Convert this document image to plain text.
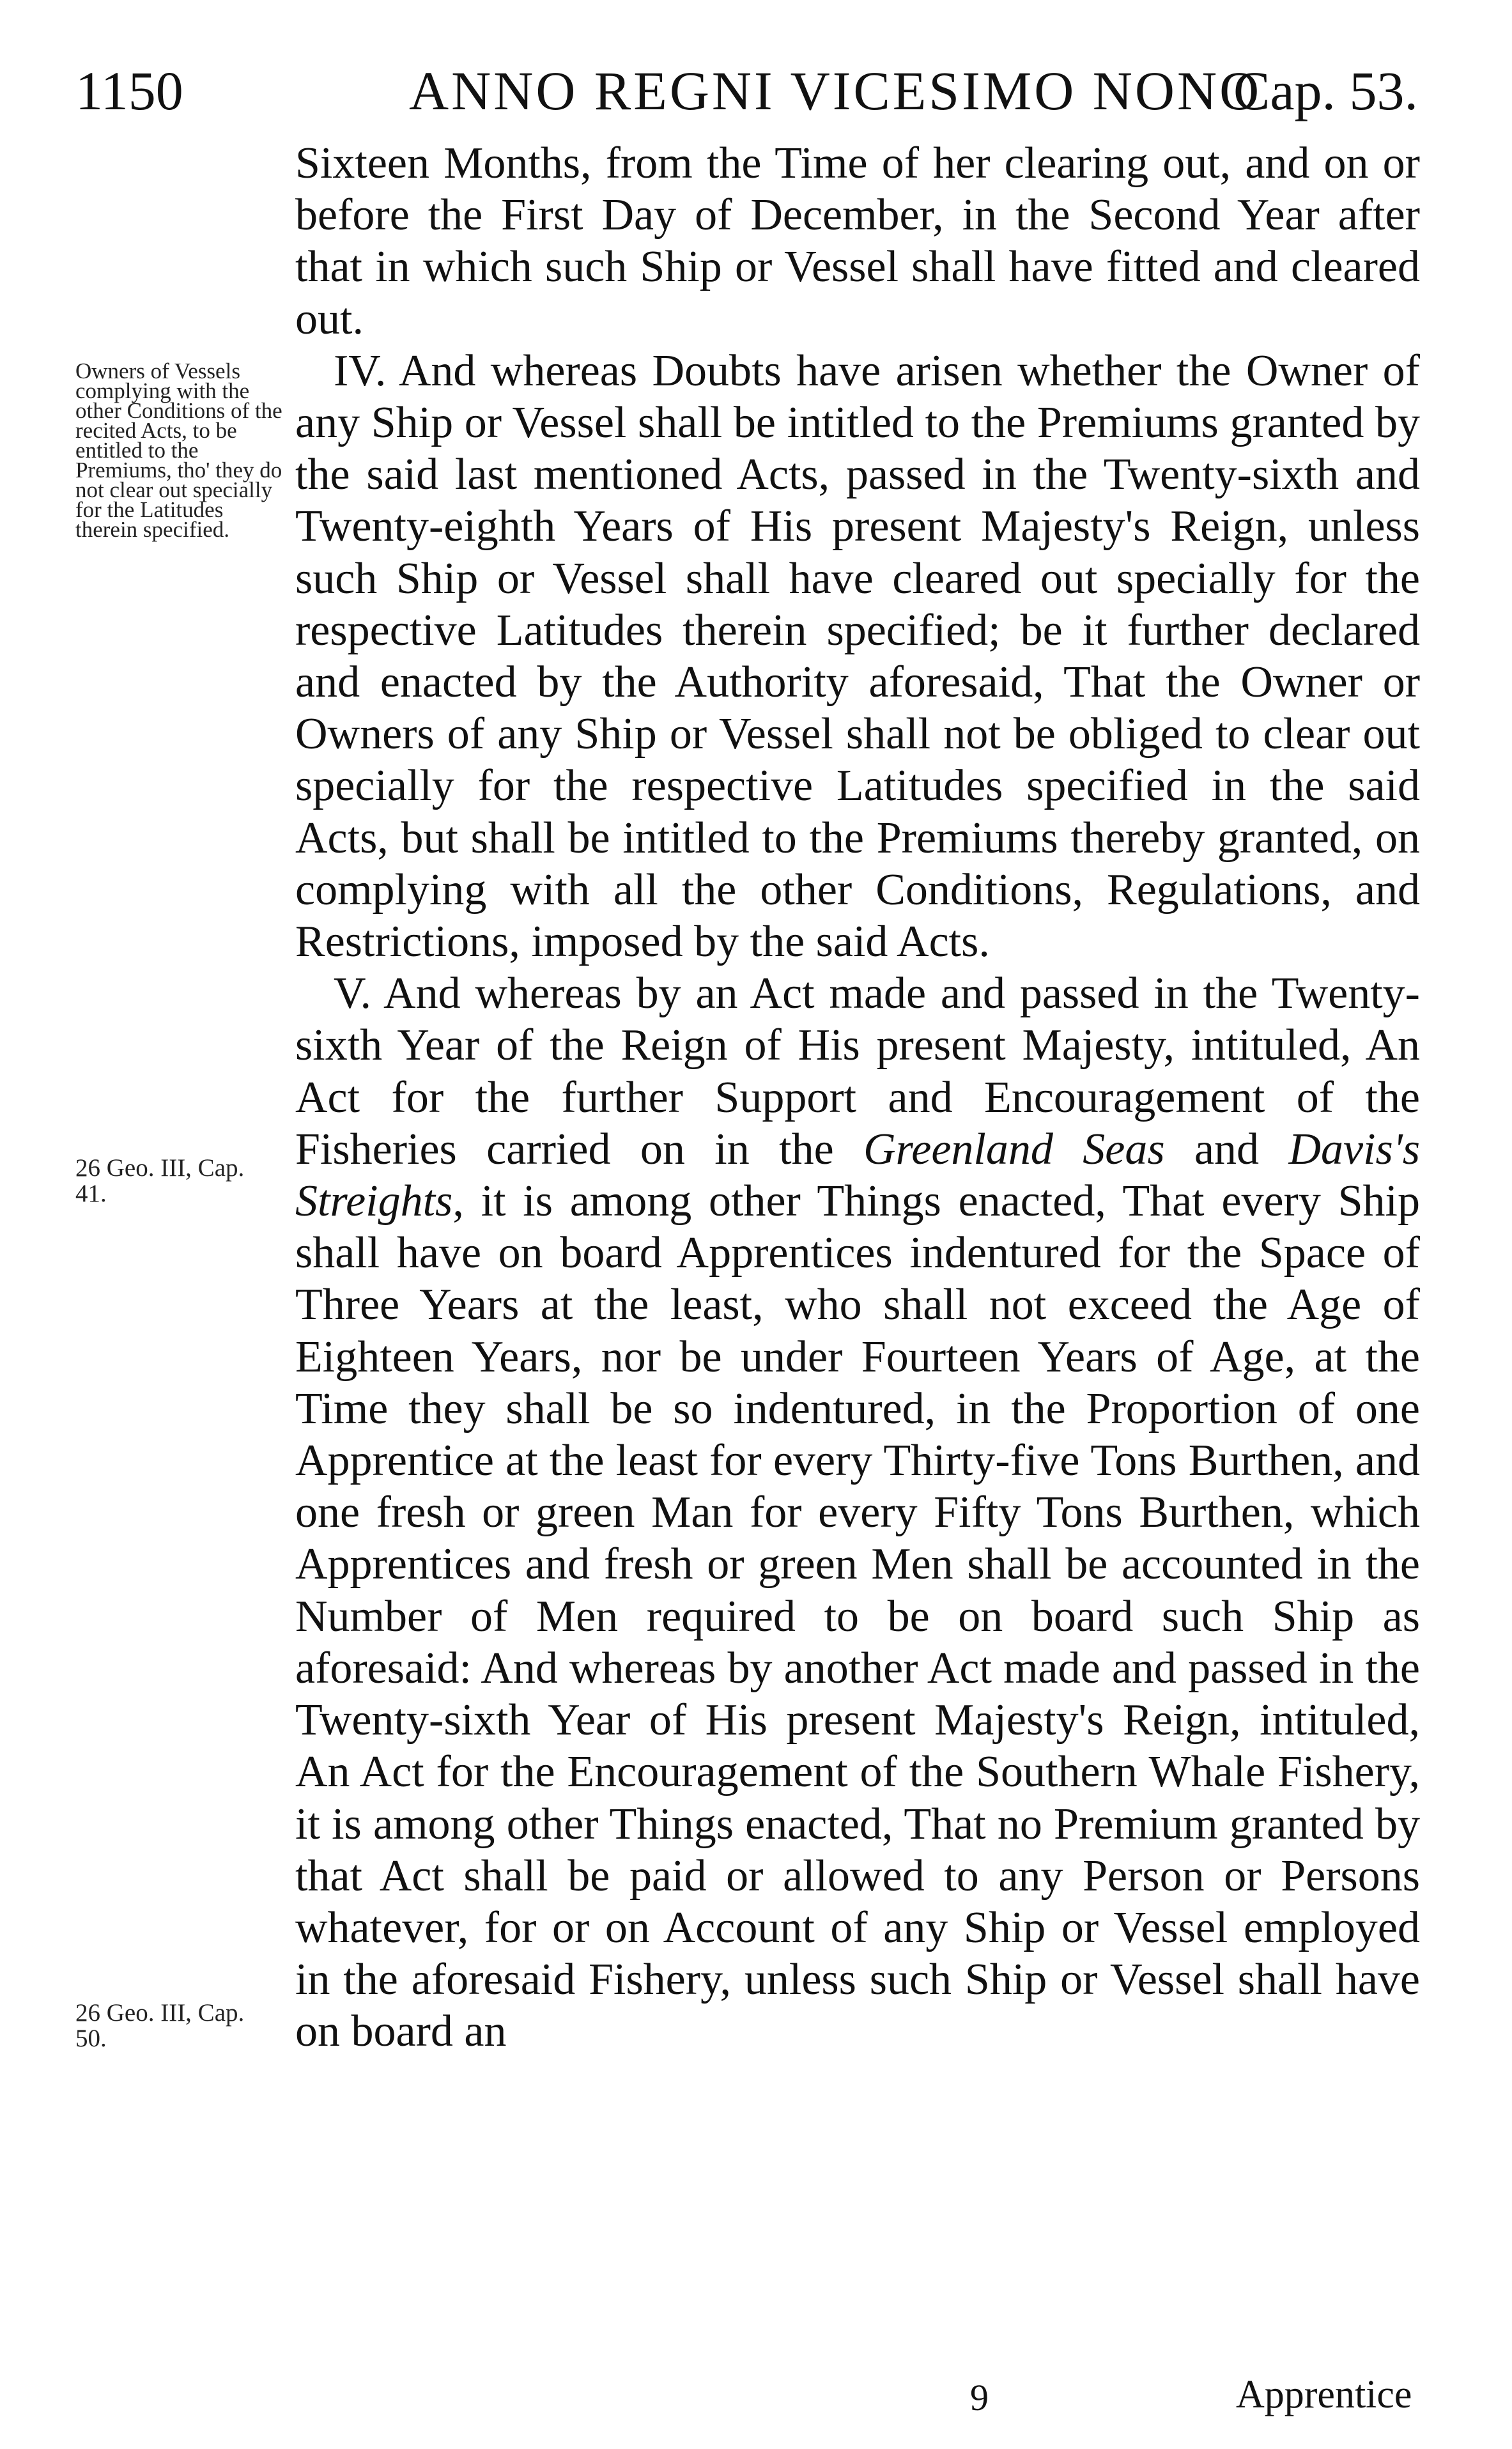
1150	ANNO REGNI VICESIMO NONO
Cap. 53.
Owners of Vessels complying with the other Conditions of the recited Acts, to be entitled to the Premiums, tho' they do not clear out specially for the Latitudes therein specified.
26 Geo. III, Cap. 41.
26 Geo. III, Cap. 50.

Sixteen Months, from the Time of her clearing out, and on or before the First Day of December, in the Second Year after that in which such Ship or Vessel shall have fitted and cleared out.

IV. And whereas Doubts have arisen whether the Owner of any Ship or Vessel shall be intitled to the Premiums granted by the said last mentioned Acts, passed in the Twenty-sixth and Twenty-eighth Years of His present Majesty's Reign, unless such Ship or Vessel shall have cleared out specially for the respective Latitudes therein specified; be it further declared and enacted by the Authority aforesaid, That the Owner or Owners of any Ship or Vessel shall not be obliged to clear out specially for the respective Latitudes specified in the said Acts, but shall be intitled to the Premiums thereby granted, on complying with all the other Conditions, Regulations, and Restrictions, imposed by the said Acts.

V. And whereas by an Act made and passed in the Twenty-sixth Year of the Reign of His present Majesty, intituled, An Act for the further Support and Encouragement of the Fisheries carried on in the Greenland Seas and Davis's Streights, it is among other Things enacted, That every Ship shall have on board Apprentices indentured for the Space of Three Years at the least, who shall not exceed the Age of Eighteen Years, nor be under Fourteen Years of Age, at the Time they shall be so indentured, in the Proportion of one Apprentice at the least for every Thirty-five Tons Burthen, and one fresh or green Man for every Fifty Tons Burthen, which Apprentices and fresh or green Men shall be accounted in the Number of Men required to be on board such Ship as aforesaid: And whereas by another Act made and passed in the Twenty-sixth Year of His present Majesty's Reign, intituled, An Act for the Encouragement of the Southern Whale Fishery, it is among other Things enacted, That no Premium granted by that Act shall be paid or allowed to any Person or Persons whatever, for or on Account of any Ship or Vessel employed in the aforesaid Fishery, unless such Ship or Vessel shall have on board an

9	Apprentice
